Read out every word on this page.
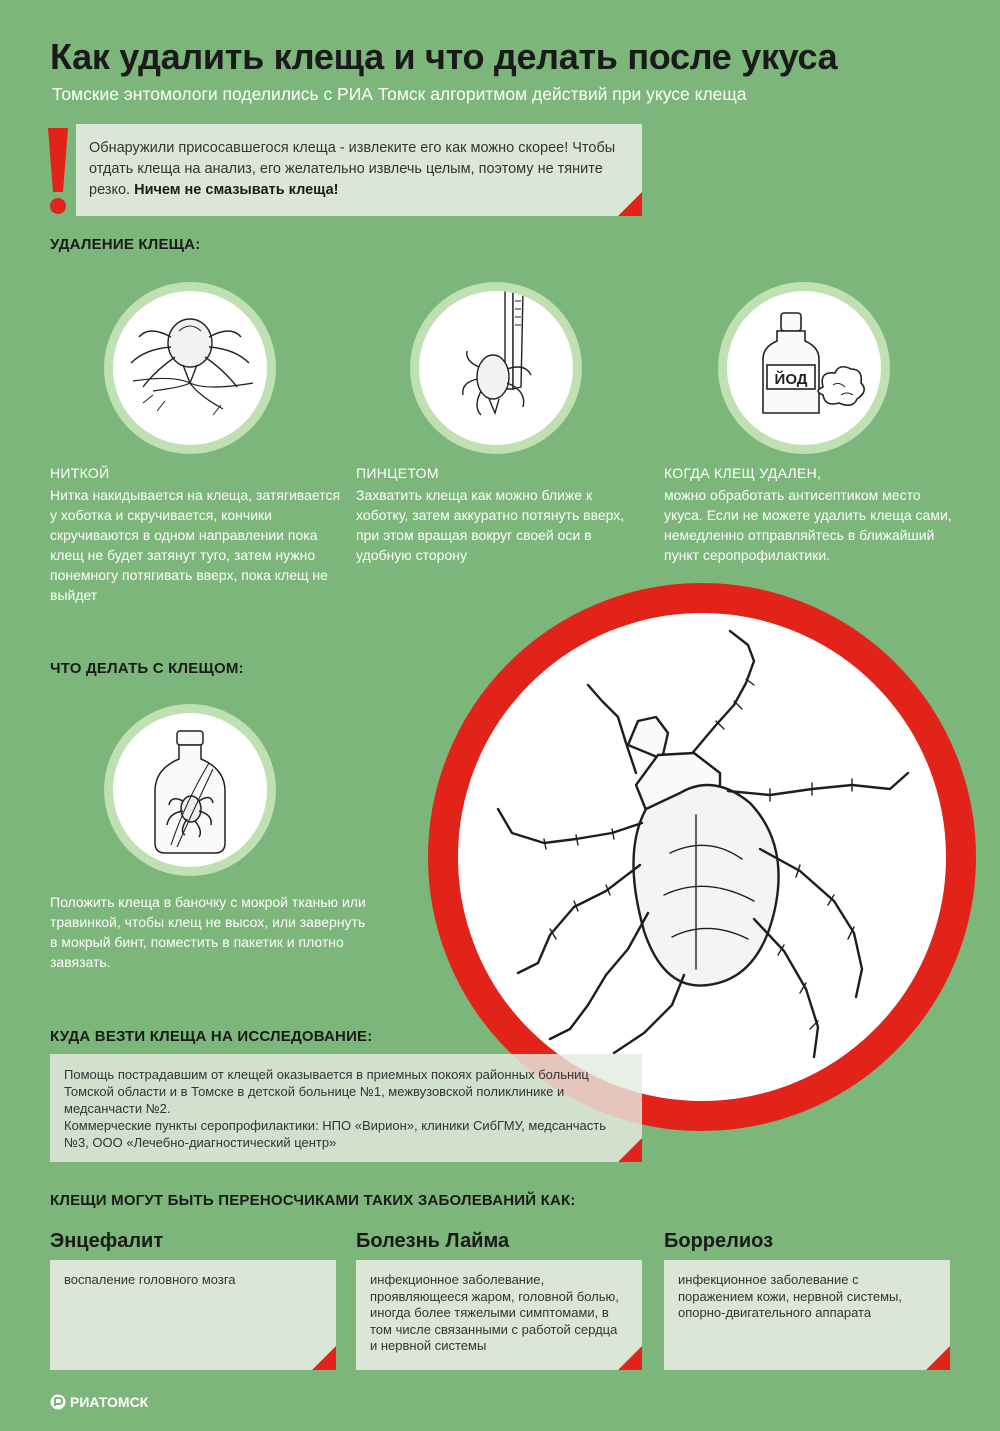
Как удалить клеща и что делать после укуса
Томские энтомологи поделились с РИА Томск алгоритмом действий при укусе клеща
Обнаружили присосавшегося клеща - извлеките его как можно скорее! Чтобы отдать клеща на анализ, его желательно извлечь целым, поэтому не тяните резко. Ничем не смазывать клеща!
УДАЛЕНИЕ КЛЕЩА:
ЙОД
НИТКОЙ
Нитка накидывается на клеща, затягивается у хоботка и скручивается, кончики скручиваются в одном направлении пока клещ не будет затянут туго, затем нужно понемногу потягивать вверх, пока клещ не выйдет
ПИНЦЕТОМ
Захватить клеща как можно ближе к хоботку, затем аккуратно потянуть вверх, при этом вращая вокруг своей оси в удобную сторону
КОГДА КЛЕЩ УДАЛЕН,
можно обработать антисептиком место укуса. Если не можете удалить клеща сами, немедленно отправляйтесь в ближайший пункт серопрофилактики.
ЧТО ДЕЛАТЬ С КЛЕЩОМ:
Положить клеща в баночку с мокрой тканью или травинкой, чтобы клещ не высох, или завернуть в мокрый бинт, поместить в пакетик и плотно завязать.
КУДА ВЕЗТИ КЛЕЩА НА ИССЛЕДОВАНИЕ:
Помощь пострадавшим от клещей оказывается в приемных покоях районных больниц Томской области и в Томске в детской больнице №1, межвузовской поликлинике и медсанчасти №2.
Коммерческие пункты серопрофилактики: НПО «Вирион», клиники СибГМУ, медсанчасть №3, ООО «Лечебно-диагностический центр»
КЛЕЩИ МОГУТ БЫТЬ ПЕРЕНОСЧИКАМИ ТАКИХ ЗАБОЛЕВАНИЙ КАК:
Энцефалит
воспаление головного мозга
Болезнь Лайма
инфекционное заболевание, проявляющееся жаром, головной болью, иногда более тяжелыми симптомами, в том числе связанными с работой сердца и нервной системы
Боррелиоз
инфекционное заболевание с поражением кожи, нервной системы, опорно-двигательного аппарата
РИАТОМСК
